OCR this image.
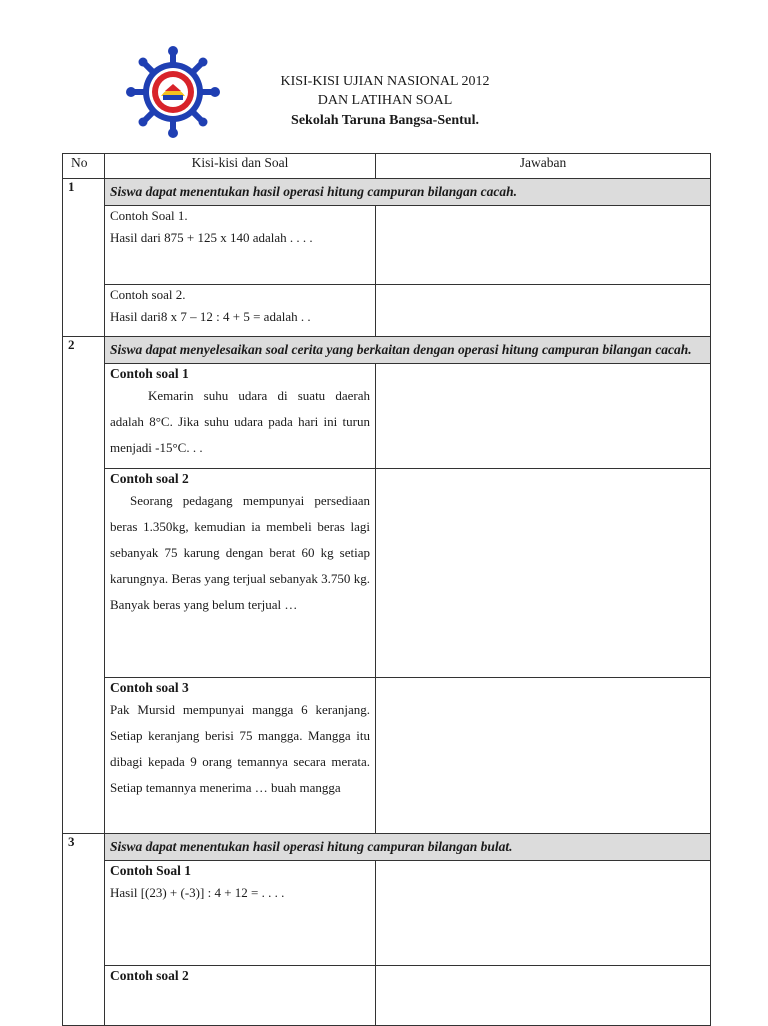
KISI-KISI UJIAN NASIONAL 2012
DAN LATIHAN SOAL
Sekolah Taruna Bangsa-Sentul.
No	Kisi-kisi dan Soal	Jawaban
1	Siswa dapat menentukan hasil operasi hitung campuran bilangan cacah.	

	Contoh Soal 1.
Hasil dari 875 + 125 x 140 adalah . . . .	

	Contoh soal 2.
Hasil dari8 x 7 – 12 : 4 + 5 = adalah . .	

2	Siswa dapat menyelesaikan soal cerita yang berkaitan dengan operasi hitung campuran bilangan cacah.	

	Contoh soal 1
Kemarin suhu udara di suatu daerah adalah 8°C. Jika suhu udara pada hari ini turun menjadi -15°C. . .	

	Contoh soal 2
Seorang pedagang mempunyai persediaan beras 1.350kg, kemudian ia membeli beras lagi sebanyak 75 karung dengan berat 60 kg setiap karungnya. Beras yang terjual sebanyak 3.750 kg. Banyak beras yang belum terjual …	

	Contoh soal 3
Pak Mursid mempunyai mangga 6 keranjang. Setiap keranjang berisi 75 mangga. Mangga itu dibagi kepada 9 orang temannya secara merata. Setiap temannya menerima … buah mangga	

3	Siswa dapat menentukan hasil operasi hitung campuran bilangan bulat.	

	Contoh Soal 1
Hasil [(23) + (-3)] : 4 + 12 = . . . .	

	Contoh soal 2	
